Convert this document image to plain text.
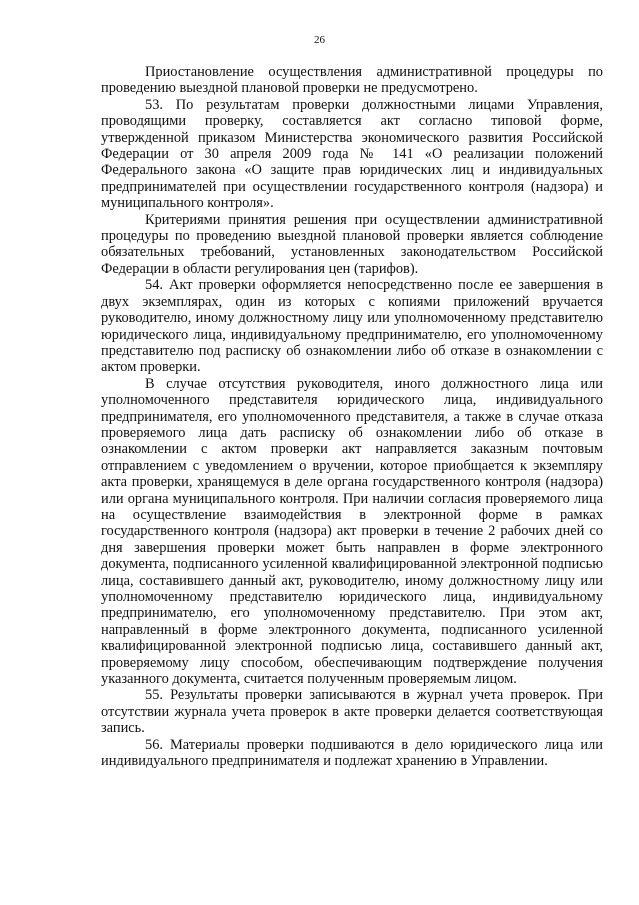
26

Приостановление осуществления административной процедуры по проведению выездной плановой проверки не предусмотрено.

53. По результатам проверки должностными лицами Управления, проводящими проверку, составляется акт согласно типовой форме, утвержденной приказом Министерства экономического развития Российской Федерации от 30 апреля 2009 года № 141 «О реализации положений Федерального закона «О защите прав юридических лиц и индивидуальных предпринимателей при осуществлении государственного контроля (надзора) и муниципального контроля».

Критериями принятия решения при осуществлении административной процедуры по проведению выездной плановой проверки является соблюдение обязательных требований, установленных законодательством Российской Федерации в области регулирования цен (тарифов).

54. Акт проверки оформляется непосредственно после ее завершения в двух экземплярах, один из которых с копиями приложений вручается руководителю, иному должностному лицу или уполномоченному представителю юридического лица, индивидуальному предпринимателю, его уполномоченному представителю под расписку об ознакомлении либо об отказе в ознакомлении с актом проверки.

В случае отсутствия руководителя, иного должностного лица или уполномоченного представителя юридического лица, индивидуального предпринимателя, его уполномоченного представителя, а также в случае отказа проверяемого лица дать расписку об ознакомлении либо об отказе в ознакомлении с актом проверки акт направляется заказным почтовым отправлением с уведомлением о вручении, которое приобщается к экземпляру акта проверки, хранящемуся в деле органа государственного контроля (надзора) или органа муниципального контроля. При наличии согласия проверяемого лица на осуществление взаимодействия в электронной форме в рамках государственного контроля (надзора) акт проверки в течение 2 рабочих дней со дня завершения проверки может быть направлен в форме электронного документа, подписанного усиленной квалифицированной электронной подписью лица, составившего данный акт, руководителю, иному должностному лицу или уполномоченному представителю юридического лица, индивидуальному предпринимателю, его уполномоченному представителю. При этом акт, направленный в форме электронного документа, подписанного усиленной квалифицированной электронной подписью лица, составившего данный акт, проверяемому лицу способом, обеспечивающим подтверждение получения указанного документа, считается полученным проверяемым лицом.

55. Результаты проверки записываются в журнал учета проверок. При отсутствии журнала учета проверок в акте проверки делается соответствующая запись.

56. Материалы проверки подшиваются в дело юридического лица или индивидуального предпринимателя и подлежат хранению в Управлении.
